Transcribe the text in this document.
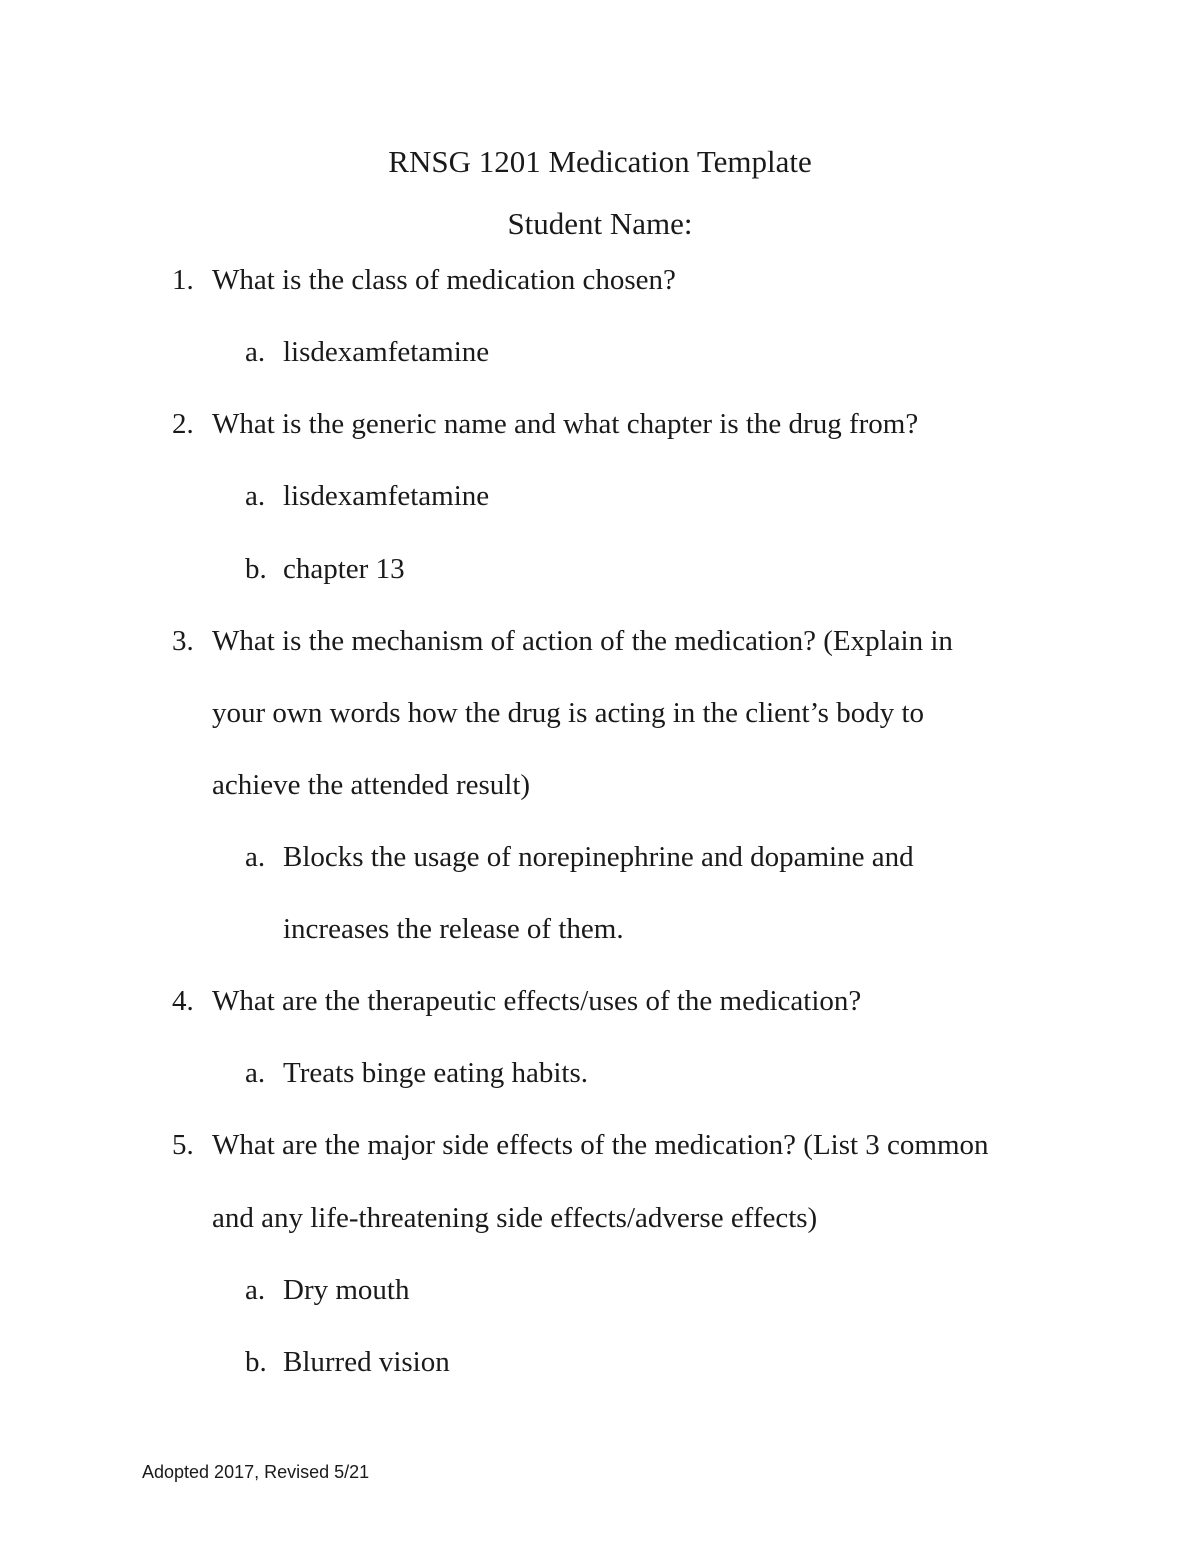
RNSG 1201 Medication Template
Student Name:
1. What is the class of medication chosen?
a. lisdexamfetamine
2. What is the generic name and what chapter is the drug from?
a. lisdexamfetamine
b. chapter 13
3. What is the mechanism of action of the medication? (Explain in
your own words how the drug is acting in the client’s body to
achieve the attended result)
a. Blocks the usage of norepinephrine and dopamine and
increases the release of them.
4. What are the therapeutic effects/uses of the medication?
a. Treats binge eating habits.
5. What are the major side effects of the medication? (List 3 common
and any life-threatening side effects/adverse effects)
a. Dry mouth
b. Blurred vision
Adopted 2017, Revised 5/21
